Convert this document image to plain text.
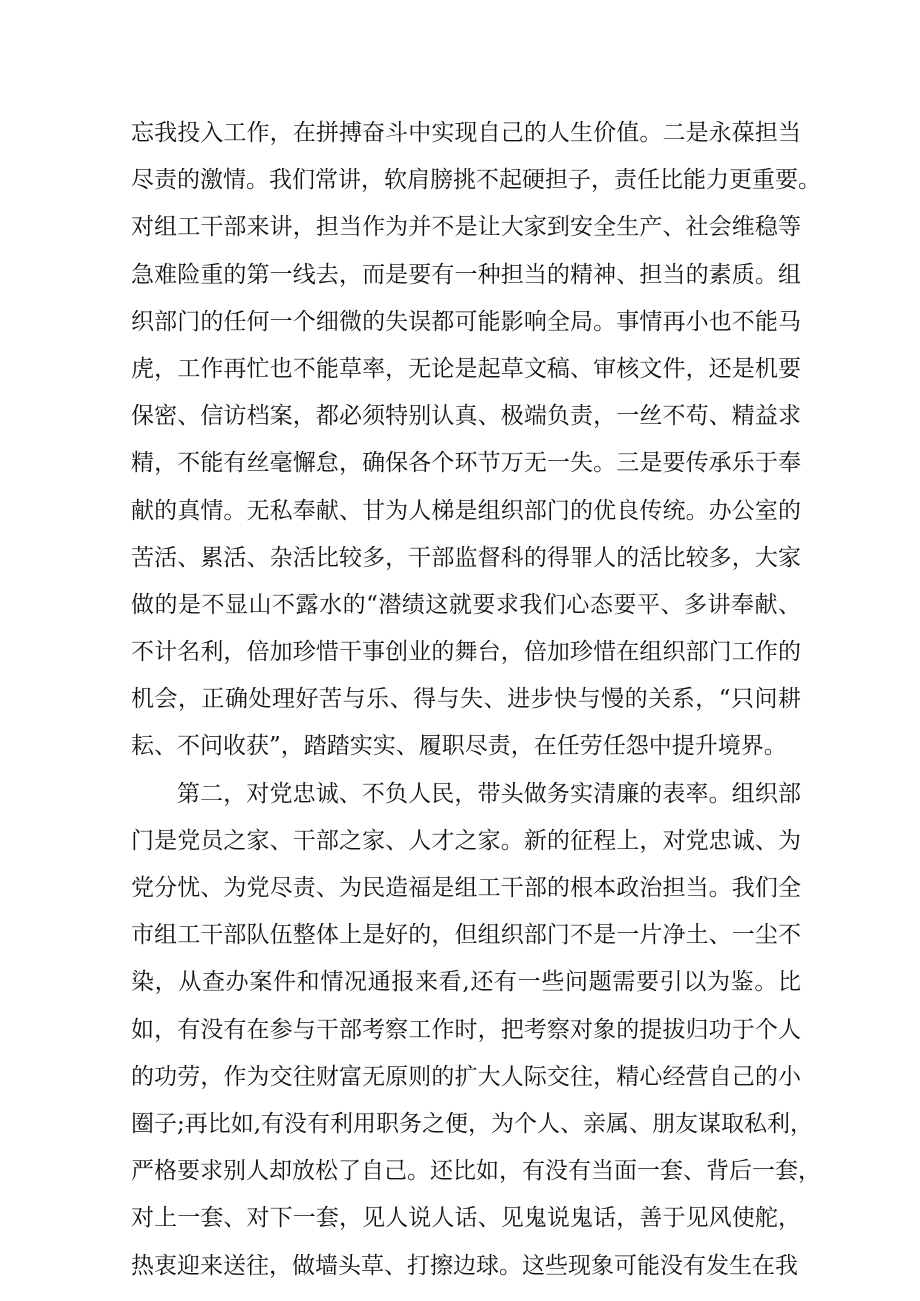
忘我投入工作，在拼搏奋斗中实现自己的人生价值。二是永葆担当
尽责的激情。我们常讲，软肩膀挑不起硬担子，责任比能力更重要。
对组工干部来讲，担当作为并不是让大家到安全生产、社会维稳等
急难险重的第一线去，而是要有一种担当的精神、担当的素质。组
织部门的任何一个细微的失误都可能影响全局。事情再小也不能马
虎，工作再忙也不能草率，无论是起草文稿、审核文件，还是机要
保密、信访档案，都必须特别认真、极端负责，一丝不苟、精益求
精，不能有丝毫懈怠，确保各个环节万无一失。三是要传承乐于奉
献的真情。无私奉献、甘为人梯是组织部门的优良传统。办公室的
苦活、累活、杂活比较多，干部监督科的得罪人的活比较多，大家
做的是不显山不露水的“潜绩这就要求我们心态要平、多讲奉献、
不计名利，倍加珍惜干事创业的舞台，倍加珍惜在组织部门工作的
机会，正确处理好苦与乐、得与失、进步快与慢的关系，“只问耕
耘、不问收获”，踏踏实实、履职尽责，在任劳任怨中提升境界。
第二，对党忠诚、不负人民，带头做务实清廉的表率。组织部
门是党员之家、干部之家、人才之家。新的征程上，对党忠诚、为
党分忧、为党尽责、为民造福是组工干部的根本政治担当。我们全
市组工干部队伍整体上是好的，但组织部门不是一片净土、一尘不
染，从查办案件和情况通报来看,还有一些问题需要引以为鉴。比
如，有没有在参与干部考察工作时，把考察对象的提拔归功于个人
的功劳，作为交往财富无原则的扩大人际交往，精心经营自己的小
圈子;再比如,有没有利用职务之便，为个人、亲属、朋友谋取私利，
严格要求别人却放松了自己。还比如，有没有当面一套、背后一套，
对上一套、对下一套，见人说人话、见鬼说鬼话，善于见风使舵，
热衷迎来送往，做墙头草、打擦边球。这些现象可能没有发生在我
